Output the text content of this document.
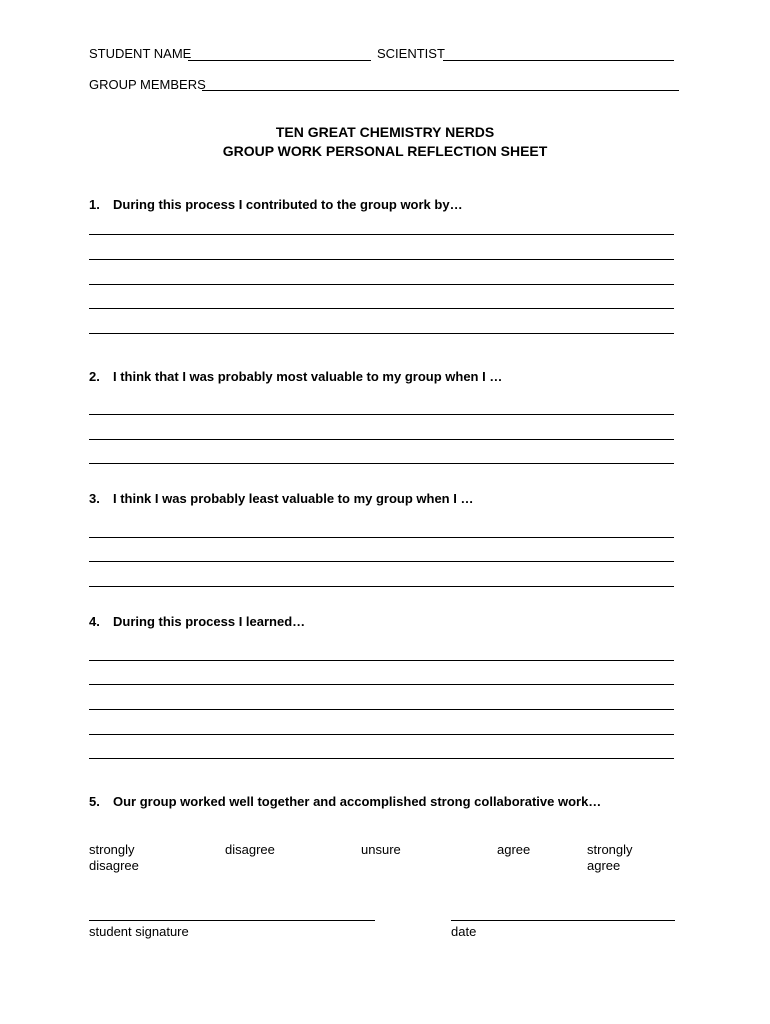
STUDENT NAME	SCIENTIST
GROUP MEMBERS
TEN GREAT CHEMISTRY NERDS
GROUP WORK PERSONAL REFLECTION SHEET
1. During this process I contributed to the group work by…
2. I think that I was probably most valuable to my group when I …
3. I think I was probably least valuable to my group when I …
4. During this process I learned…
5. Our group worked well together and accomplished strong collaborative work…
strongly disagree
disagree	unsure	agree	strongly agree
student signature	date
